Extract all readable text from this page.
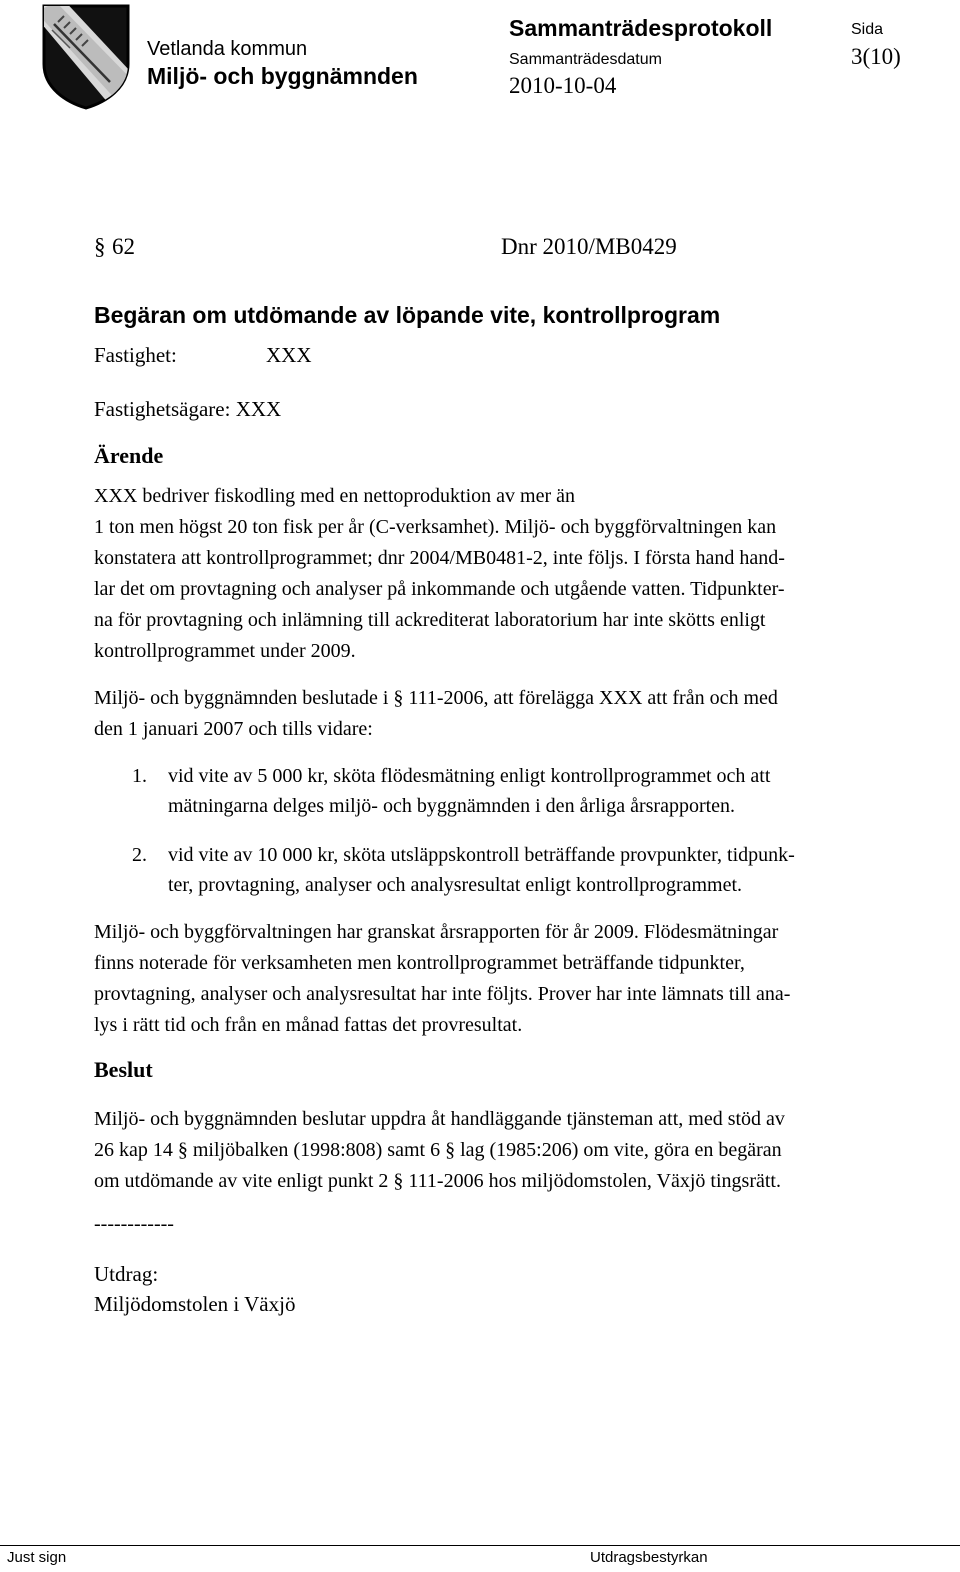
Vetlanda kommun
Miljö- och byggnämnden
Sammanträdesprotokoll
Sammanträdesdatum
2010-10-04
Sida
3(10)
§ 62	Dnr 2010/MB0429
Begäran om utdömande av löpande vite, kontrollprogram
Fastighet:	XXX
Fastighetsägare: XXX
Ärende
XXX bedriver fiskodling med en nettoproduktion av mer än
1 ton men högst 20 ton fisk per år (C-verksamhet). Miljö- och byggförvaltningen kan
konstatera att kontrollprogrammet; dnr 2004/MB0481-2, inte följs. I första hand hand-
lar det om provtagning och analyser på inkommande och utgående vatten. Tidpunkter-
na för provtagning och inlämning till ackrediterat laboratorium har inte skötts enligt
kontrollprogrammet under 2009.
Miljö- och byggnämnden beslutade i § 111-2006, att förelägga XXX att från och med
den 1 januari 2007 och tills vidare:
1. vid vite av 5 000 kr, sköta flödesmätning enligt kontrollprogrammet och att
mätningarna delges miljö- och byggnämnden i den årliga årsrapporten.
2. vid vite av 10 000 kr, sköta utsläppskontroll beträffande provpunkter, tidpunk-
ter, provtagning, analyser och analysresultat enligt kontrollprogrammet.
Miljö- och byggförvaltningen har granskat årsrapporten för år 2009. Flödesmätningar
finns noterade för verksamheten men kontrollprogrammet beträffande tidpunkter,
provtagning, analyser och analysresultat har inte följts. Prover har inte lämnats till ana-
lys i rätt tid och från en månad fattas det provresultat.
Beslut
Miljö- och byggnämnden beslutar uppdra åt handläggande tjänsteman att, med stöd av
26 kap 14 § miljöbalken (1998:808) samt 6 § lag (1985:206) om vite, göra en begäran
om utdömande av vite enligt punkt 2 § 111-2006 hos miljödomstolen, Växjö tingsrätt.
------------
Utdrag:
Miljödomstolen i Växjö
Just sign	Utdragsbestyrkan
